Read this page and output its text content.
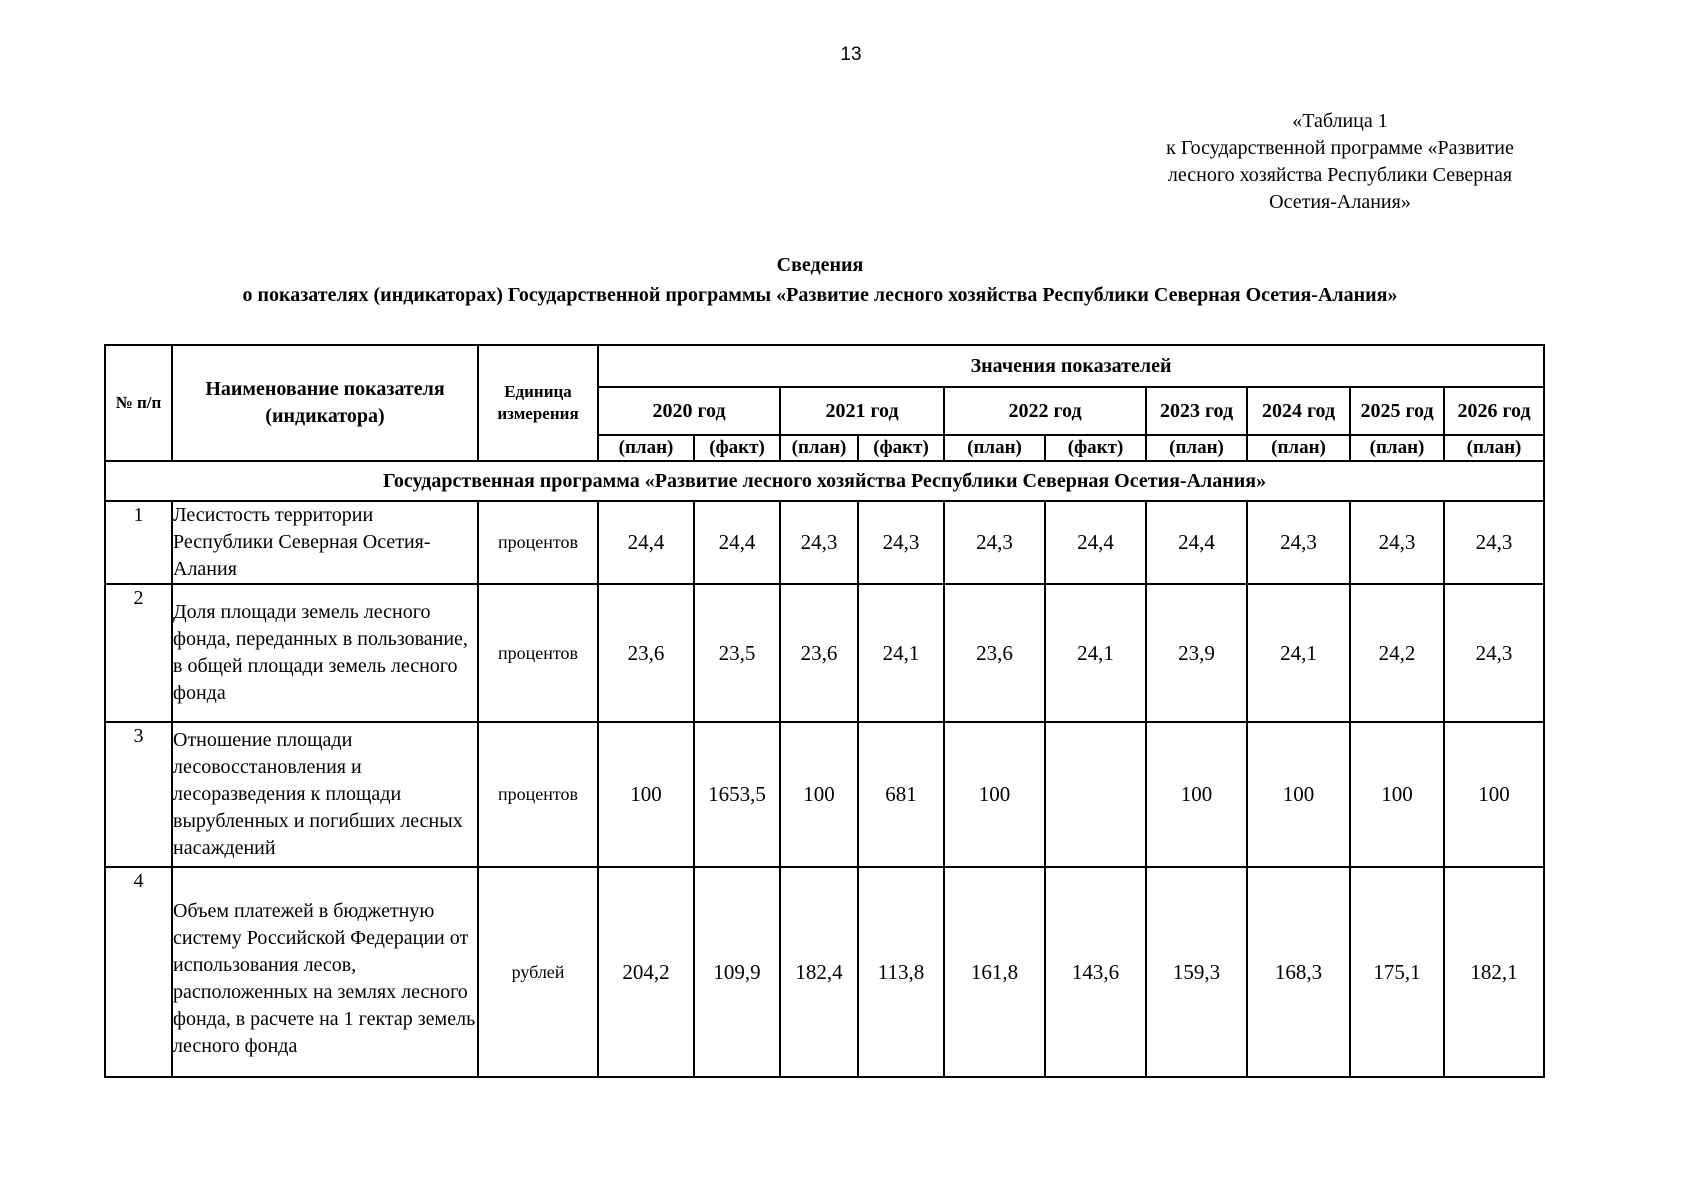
13
«Таблица 1
к Государственной программе «Развитие
лесного хозяйства Республики Северная
Осетия-Алания»
Сведения
о показателях (индикаторах) Государственной программы «Развитие лесного хозяйства Республики Северная Осетия-Алания»
№ п/п	Наименование показателя (индикатора)	Единица измерения	Значения показателей									
			2020 год		2021 год		2022 год		2023 год	2024 год	2025 год	2026 год
			(план)	(факт)	(план)	(факт)	(план)	(факт)	(план)	(план)	(план)	(план)
Государственная программа «Развитие лесного хозяйства Республики Северная Осетия-Алания»												
1	Лесистость территории Республики Северная Осетия-Алания	процентов	24,4	24,4	24,3	24,3	24,3	24,4	24,4	24,3	24,3	24,3
2	Доля площади земель лесного фонда, переданных в пользование, в общей площади земель лесного фонда	процентов	23,6	23,5	23,6	24,1	23,6	24,1	23,9	24,1	24,2	24,3
3	Отношение площади лесовосстановления и лесоразведения к площади вырубленных и погибших лесных насаждений	процентов	100	1653,5	100	681	100		100	100	100	100
4	Объем платежей в бюджетную систему Российской Федерации от использования лесов, расположенных на землях лесного фонда, в расчете на 1 гектар земель лесного фонда	рублей	204,2	109,9	182,4	113,8	161,8	143,6	159,3	168,3	175,1	182,1
